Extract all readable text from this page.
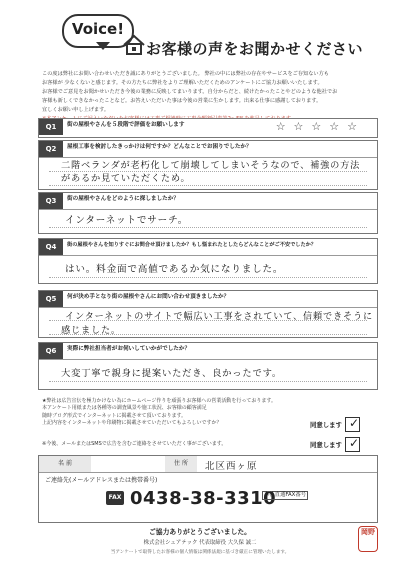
Voice!
お客様の声をお聞かせください

この度は弊社にお問い合わせいただき誠にありがとうございました。 弊社の中には弊社の存在やサービスをご存知ない方も

お客様が 少なくないと感じます。その方たちに弊社をよりご理解いただくためのアンケートにご協力お願いいたします。

お客様でご意見をお聞かせいただき今後の業務に反映してまいります。自分からだと、続けたかったことやどのような他社でお

客様も新しくできなかったことなど。お答えいただいた事は今後の営業に生かします。出来る仕事に感謝しております。

宜しくお願い申し上げます。

Q1	街の屋根やさんを５段階で評価をお願いします	☆☆☆☆☆
Q2	屋根工事を検討したきっかけは何ですか？どんなことでお困りでしたか？
二階ベランダが老朽化して崩壊してしまいそうなので、補強の方法があるか見ていただくため。
Q3	街の屋根やさんをどのように探しましたか？
インターネットでサーチ。
Q4	街の屋根やさんを知りすぐにお問合せ頂けましたか？もし悩まれたとしたらどんなことがご不安でしたか？
はい。料金面で高値であるか気になりました。
Q5	何が決め手となり街の屋根やさんにお問い合わせ頂きましたか？
インターネットのサイトで幅広い工事をされていて、信頼できそうに
感じました。
Q6	実際に弊社担当者がお伺いしていかがでしたか？
大変丁寧で親身に提案いただき、良かったです。

★弊社は広告宣伝を極力かけない為にホームページ作りを頑張りお客様への営業活動を行っております。

本アンケート用紙または各種等の調査風景や施工状況、お客様の顧客満足

随時ブログ形式でインターネットに掲載させて頂いております。

上記内容をインターネットや印刷物に掲載させていただいてもよろしいですか？	同意します ✓
※今後、メールまたはSMSで広告を含むご連絡をさせていただく事がございます。	同意します ✓
名 前	住 所	北区西ヶ原
ご連絡先(メールアドレスまたは携帯番号)
FAX 0438-38-3310
本社直通FAX番号
ご協力ありがとうございました。
株式会社シェアテック 代表取締役 大久保 誠二
当アンケートで取得したお客様の個人情報は関係法規に基づき厳正に管理いたします。
岡野
